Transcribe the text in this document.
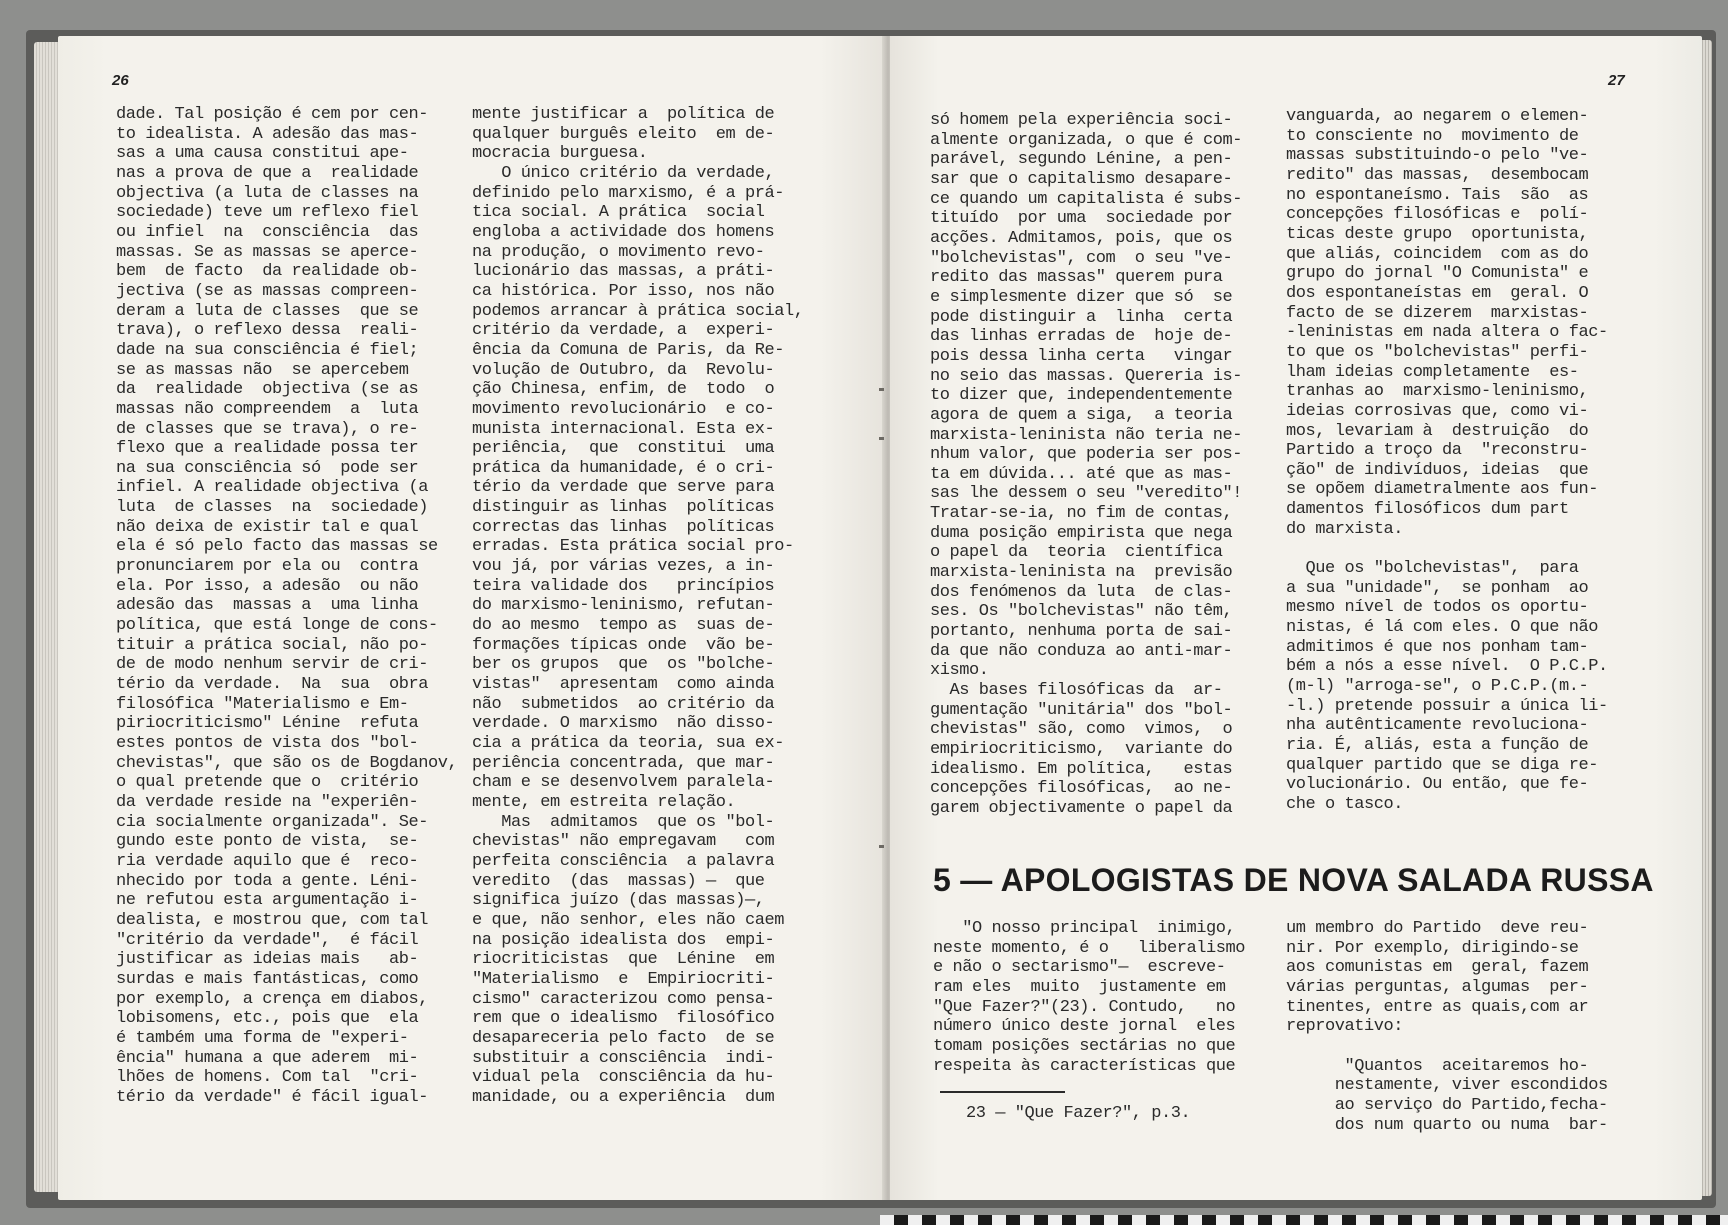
26
dade. Tal posição é cem por cen-
to idealista. A adesão das mas-
sas a uma causa constitui ape-
nas a prova de que a  realidade
objectiva (a luta de classes na
sociedade) teve um reflexo fiel
ou infiel  na  consciência  das
massas. Se as massas se aperce-
bem  de facto  da realidade ob-
jectiva (se as massas compreen-
deram a luta de classes  que se
trava), o reflexo dessa  reali-
dade na sua consciência é fiel;
se as massas não  se apercebem
da  realidade  objectiva (se as
massas não compreendem  a  luta
de classes que se trava), o re-
flexo que a realidade possa ter
na sua consciência só  pode ser
infiel. A realidade objectiva (a
luta  de classes  na  sociedade)
não deixa de existir tal e qual
ela é só pelo facto das massas se
pronunciarem por ela ou  contra
ela. Por isso, a adesão  ou não
adesão das  massas a  uma linha
política, que está longe de cons-
tituir a prática social, não po-
de de modo nenhum servir de cri-
tério da verdade.  Na  sua  obra
filosófica "Materialismo e Em-
piriocriticismo" Lénine  refuta
estes pontos de vista dos "bol-
chevistas", que são os de Bogdanov,
o qual pretende que o  critério
da verdade reside na "experiên-
cia socialmente organizada". Se-
gundo este ponto de vista,  se-
ria verdade aquilo que é  reco-
nhecido por toda a gente. Léni-
ne refutou esta argumentação i-
dealista, e mostrou que, com tal
"critério da verdade",  é fácil
justificar as ideias mais   ab-
surdas e mais fantásticas, como
por exemplo, a crença em diabos,
lobisomens, etc., pois que  ela
é também uma forma de "experi-
ência" humana a que aderem  mi-
lhões de homens. Com tal  "cri-
tério da verdade" é fácil igual-
mente justificar a  política de
qualquer burguês eleito  em de-
mocracia burguesa.
O único critério da verdade,
definido pelo marxismo, é a prá-
tica social. A prática  social
engloba a actividade dos homens
na produção, o movimento revo-
lucionário das massas, a práti-
ca histórica. Por isso, nos não
podemos arrancar à prática social,
critério da verdade, a  experi-
ência da Comuna de Paris, da Re-
volução de Outubro, da  Revolu-
ção Chinesa, enfim, de  todo  o
movimento revolucionário  e co-
munista internacional. Esta ex-
periência,  que  constitui  uma
prática da humanidade, é o cri-
tério da verdade que serve para
distinguir as linhas  políticas
correctas das linhas  políticas
erradas. Esta prática social pro-
vou já, por várias vezes, a in-
teira validade dos   princípios
do marxismo-leninismo, refutan-
do ao mesmo  tempo as  suas de-
formações típicas onde  vão be-
ber os grupos  que  os "bolche-
vistas"  apresentam  como ainda
não  submetidos  ao critério da
verdade. O marxismo  não disso-
cia a prática da teoria, sua ex-
periência concentrada, que mar-
cham e se desenvolvem paralela-
mente, em estreita relação.
Mas  admitamos  que os "bol-
chevistas" não empregavam   com
perfeita consciência  a palavra
veredito  (das  massas) —  que
significa juízo (das massas)—,
e que, não senhor, eles não caem
na posição idealista dos  empi-
riocriticistas  que  Lénine  em
"Materialismo  e  Empiriocriti-
cismo" caracterizou como pensa-
rem que o idealismo  filosófico
desapareceria pelo facto  de se
substituir a consciência  indi-
vidual pela  consciência da hu-
manidade, ou a experiência  dum
27
só homem pela experiência soci-
almente organizada, o que é com-
parável, segundo Lénine, a pen-
sar que o capitalismo desapare-
ce quando um capitalista é subs-
tituído  por uma  sociedade por
acções. Admitamos, pois, que os
"bolchevistas", com  o seu "ve-
redito das massas" querem pura
e simplesmente dizer que só  se
pode distinguir a  linha  certa
das linhas erradas de  hoje de-
pois dessa linha certa   vingar
no seio das massas. Quereria is-
to dizer que, independentemente
agora de quem a siga,  a teoria
marxista-leninista não teria ne-
nhum valor, que poderia ser pos-
ta em dúvida... até que as mas-
sas lhe dessem o seu "veredito"!
Tratar-se-ia, no fim de contas,
duma posição empirista que nega
o papel da  teoria  científica
marxista-leninista na  previsão
dos fenómenos da luta  de clas-
ses. Os "bolchevistas" não têm,
portanto, nenhuma porta de sai-
da que não conduza ao anti-mar-
xismo.
As bases filosóficas da  ar-
gumentação "unitária" dos "bol-
chevistas" são, como  vimos,  o
empiriocriticismo,  variante do
idealismo. Em política,   estas
concepções filosóficas,  ao ne-
garem objectivamente o papel da
vanguarda, ao negarem o elemen-
to consciente no  movimento de
massas substituindo-o pelo "ve-
redito" das massas,  desembocam
no espontaneísmo. Tais  são  as
concepções filosóficas e  polí-
ticas deste grupo  oportunista,
que aliás, coincidem  com as do
grupo do jornal "O Comunista" e
dos espontaneístas em  geral. O
facto de se dizerem  marxistas-
-leninistas em nada altera o fac-
to que os "bolchevistas" perfi-
lham ideias completamente  es-
tranhas ao  marxismo-leninismo,
ideias corrosivas que, como vi-
mos, levariam à  destruição  do
Partido a troço da  "reconstru-
ção" de indivíduos, ideias  que
se opõem diametralmente aos fun-
damentos filosóficos dum part
do marxista.

Que os "bolchevistas",  para
a sua "unidade",  se ponham  ao
mesmo nível de todos os oportu-
nistas, é lá com eles. O que não
admitimos é que nos ponham tam-
bém a nós a esse nível.  O P.C.P.
(m-l) "arroga-se", o P.C.P.(m.-
-l.) pretende possuir a única li-
nha autênticamente revoluciona-
ria. É, aliás, esta a função de
qualquer partido que se diga re-
volucionário. Ou então, que fe-
che o tasco.
5 — APOLOGISTAS DE NOVA SALADA RUSSA
"O nosso principal  inimigo,
neste momento, é o   liberalismo
e não o sectarismo"—  escreve-
ram eles  muito  justamente em
"Que Fazer?"(23). Contudo,   no
número único deste jornal  eles
tomam posições sectárias no que
respeita às características que
um membro do Partido  deve reu-
nir. Por exemplo, dirigindo-se
aos comunistas em  geral, fazem
várias perguntas, algumas  per-
tinentes, entre as quais,com ar
reprovativo:

"Quantos  aceitaremos ho-
nestamente, viver escondidos
ao serviço do Partido,fecha-
dos num quarto ou numa  bar-
23 — "Que Fazer?", p.3.
